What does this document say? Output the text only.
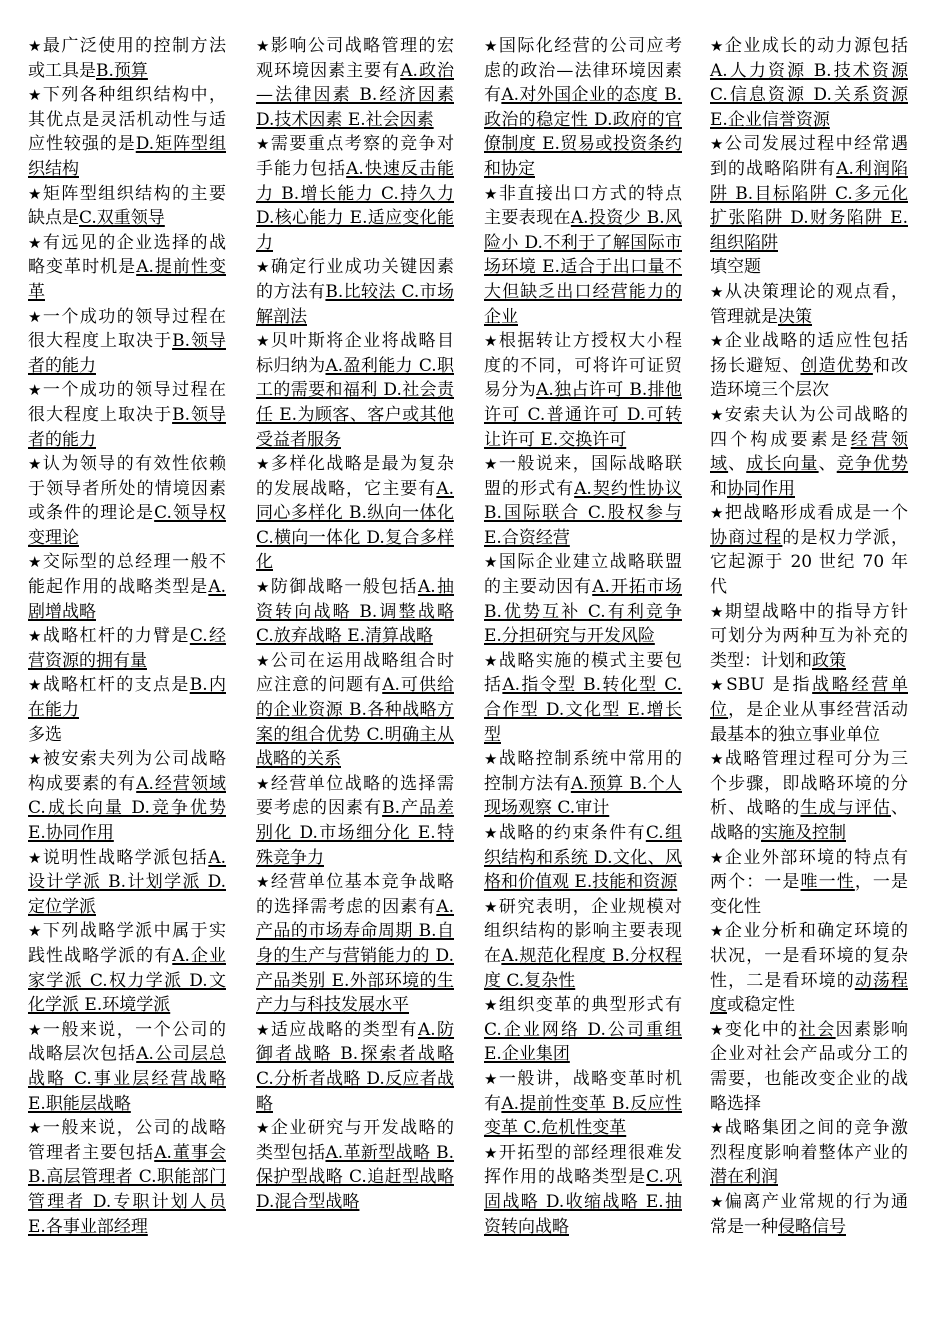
★最广泛使用的控制方法或工具是B.预算
★下列各种组织结构中，其优点是灵活机动性与适应性较强的是D.矩阵型组织结构
★矩阵型组织结构的主要缺点是C.双重领导
★有远见的企业选择的战略变革时机是A.提前性变革
★一个成功的领导过程在很大程度上取决于B.领导者的能力
★一个成功的领导过程在很大程度上取决于B.领导者的能力
★认为领导的有效性依赖于领导者所处的情境因素或条件的理论是C.领导权变理论
★交际型的总经理一般不能起作用的战略类型是A.剧增战略
★战略杠杆的力臂是C.经营资源的拥有量
★战略杠杆的支点是B.内在能力
多选
★被安索夫列为公司战略构成要素的有A.经营领域 C.成长向量 D.竞争优势 E.协同作用
★说明性战略学派包括A.设计学派 B.计划学派 D.定位学派
★下列战略学派中属于实践性战略学派的有A.企业家学派 C.权力学派 D.文化学派 E.环境学派
★一般来说，一个公司的战略层次包括A.公司层总战略 C.事业层经营战略 E.职能层战略
★一般来说，公司的战略管理者主要包括A.董事会 B.高层管理者 C.职能部门管理者 D.专职计划人员 E.各事业部经理
★影响公司战略管理的宏观环境因素主要有A.政治—法律因素 B.经济因素 D.技术因素 E.社会因素
★需要重点考察的竞争对手能力包括A.快速反击能力 B.增长能力 C.持久力 D.核心能力 E.适应变化能力
★确定行业成功关键因素的方法有B.比较法 C.市场解剖法
★贝叶斯将企业将战略目标归纳为A.盈利能力 C.职工的需要和福利 D.社会责任 E.为顾客、客户或其他受益者服务
★多样化战略是最为复杂的发展战略，它主要有A.同心多样化 B.纵向一体化 C.横向一体化 D.复合多样化
★防御战略一般包括A.抽资转向战略 B.调整战略 C.放弃战略 E.清算战略
★公司在运用战略组合时应注意的问题有A.可供给的企业资源 B.各种战略方案的组合优势 C.明确主从战略的关系
★经营单位战略的选择需要考虑的因素有B.产品差别化 D.市场细分化 E.特殊竞争力
★经营单位基本竞争战略的选择需考虑的因素有A.产品的市场寿命周期 B.自身的生产与营销能力的 D.产品类别 E.外部环境的生产力与科技发展水平
★适应战略的类型有A.防御者战略 B.探索者战略 C.分析者战略 D.反应者战略
★企业研究与开发战略的类型包括A.革新型战略 B.保护型战略 C.追赶型战略 D.混合型战略
★国际化经营的公司应考虑的政治—法律环境因素有A.对外国企业的态度 B.政治的稳定性 D.政府的官僚制度 E.贸易或投资条约和协定
★非直接出口方式的特点主要表现在A.投资少 B.风险小 D.不利于了解国际市场环境 E.适合于出口量不大但缺乏出口经营能力的企业
★根据转让方授权大小程度的不同，可将许可证贸易分为A.独占许可 B.排他许可 C.普通许可 D.可转让许可 E.交换许可
★一般说来，国际战略联盟的形式有A.契约性协议 B.国际联合 C.股权参与 E.合资经营
★国际企业建立战略联盟的主要动因有A.开拓市场 B.优势互补 C.有利竞争 E.分担研究与开发风险
★战略实施的模式主要包括A.指令型 B.转化型 C.合作型 D.文化型 E.增长型
★战略控制系统中常用的控制方法有A.预算 B.个人现场观察 C.审计
★战略的约束条件有C.组织结构和系统 D.文化、风格和价值观 E.技能和资源
★研究表明，企业规模对组织结构的影响主要表现在A.规范化程度 B.分权程度 C.复杂性
★组织变革的典型形式有C.企业网络 D.公司重组 E.企业集团
★一般讲，战略变革时机有A.提前性变革 B.反应性变革 C.危机性变革
★开拓型的部经理很难发挥作用的战略类型是C.巩固战略 D.收缩战略 E.抽资转向战略
★企业成长的动力源包括A.人力资源 B.技术资源 C.信息资源 D.关系资源 E.企业信誉资源
★公司发展过程中经常遇到的战略陷阱有A.利润陷阱 B.目标陷阱 C.多元化扩张陷阱 D.财务陷阱 E.组织陷阱
填空题
★从决策理论的观点看，管理就是决策
★企业战略的适应性包括扬长避短、创造优势和改造环境三个层次
★安索夫认为公司战略的四个构成要素是经营领域、成长向量、竞争优势和协同作用
★把战略形成看成是一个协商过程的是权力学派，它起源于 20 世纪 70 年代
★期望战略中的指导方针可划分为两种互为补充的类型：计划和政策
★SBU 是指战略经营单位，是企业从事经营活动最基本的独立事业单位
★战略管理过程可分为三个步骤，即战略环境的分析、战略的生成与评估、战略的实施及控制
★企业外部环境的特点有两个：一是唯一性，一是变化性
★企业分析和确定环境的状况，一是看环境的复杂性，二是看环境的动荡程度或稳定性
★变化中的社会因素影响企业对社会产品或分工的需要，也能改变企业的战略选择
★战略集团之间的竞争激烈程度影响着整体产业的潜在利润
★偏离产业常规的行为通常是一种侵略信号
